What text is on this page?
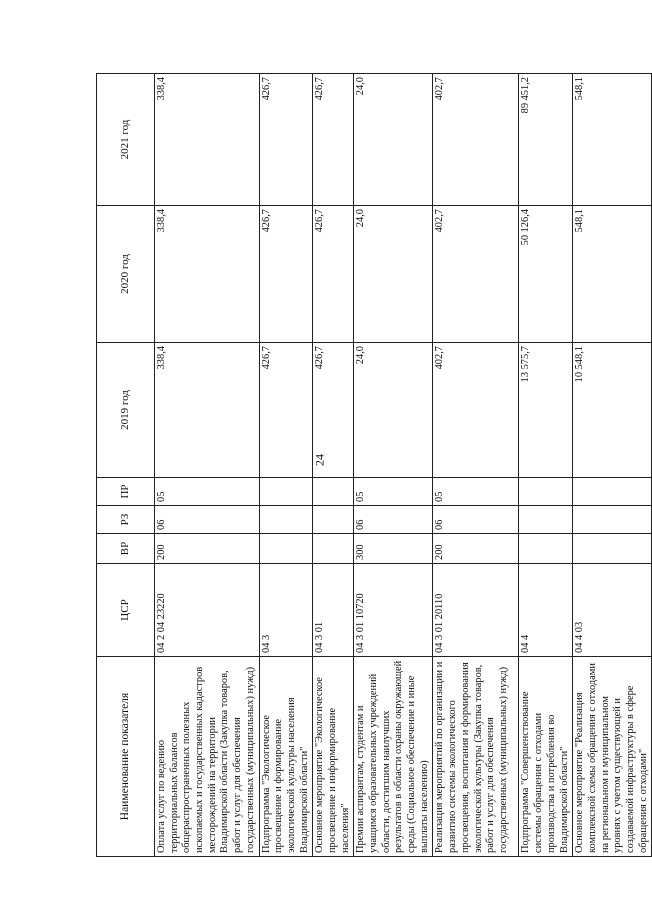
24
Наименование показателя	ЦСР	ВР	РЗ	ПР	2019 год	2020 год	2021 год
Оплата услуг по ведению территориальных балансов общераспространенных полезных ископаемых и государственных кадастров месторождений на территории Владимирской области (Закупка товаров, работ и услуг для обеспечения государственных (муниципальных) нужд)	04 2 04 23220	200	06	05	338,4	338,4	338,4
Подпрограмма "Экологическое просвещение и формирование экологической культуры населения Владимирской области"	04 3				426,7	426,7	426,7
Основное мероприятие "Экологическое просвещение и информирование населения"	04 3 01				426,7	426,7	426,7
Премии аспирантам, студентам и учащимся образовательных учреждений области, достигшим наилучших результатов в области охраны окружающей среды (Социальное обеспечение и иные выплаты населению)	04 3 01 10720	300	06	05	24,0	24,0	24,0
Реализация мероприятий по организации и развитию системы экологического просвещения, воспитания и формирования экологической культуры (Закупка товаров, работ и услуг для обеспечения государственных (муниципальных) нужд)	04 3 01 20110	200	06	05	402,7	402,7	402,7
Подпрограмма "Совершенствование системы обращения с отходами производства и потребления во Владимирской области"	04 4				13 575,7	50 126,4	89 451,2
Основное мероприятие "Реализация комплексной схемы обращения с отходами на региональном и муниципальном уровнях с учетом существующей и создаваемой инфраструктуры в сфере обращения с отходами"	04 4 03				10 548,1	548,1	548,1
